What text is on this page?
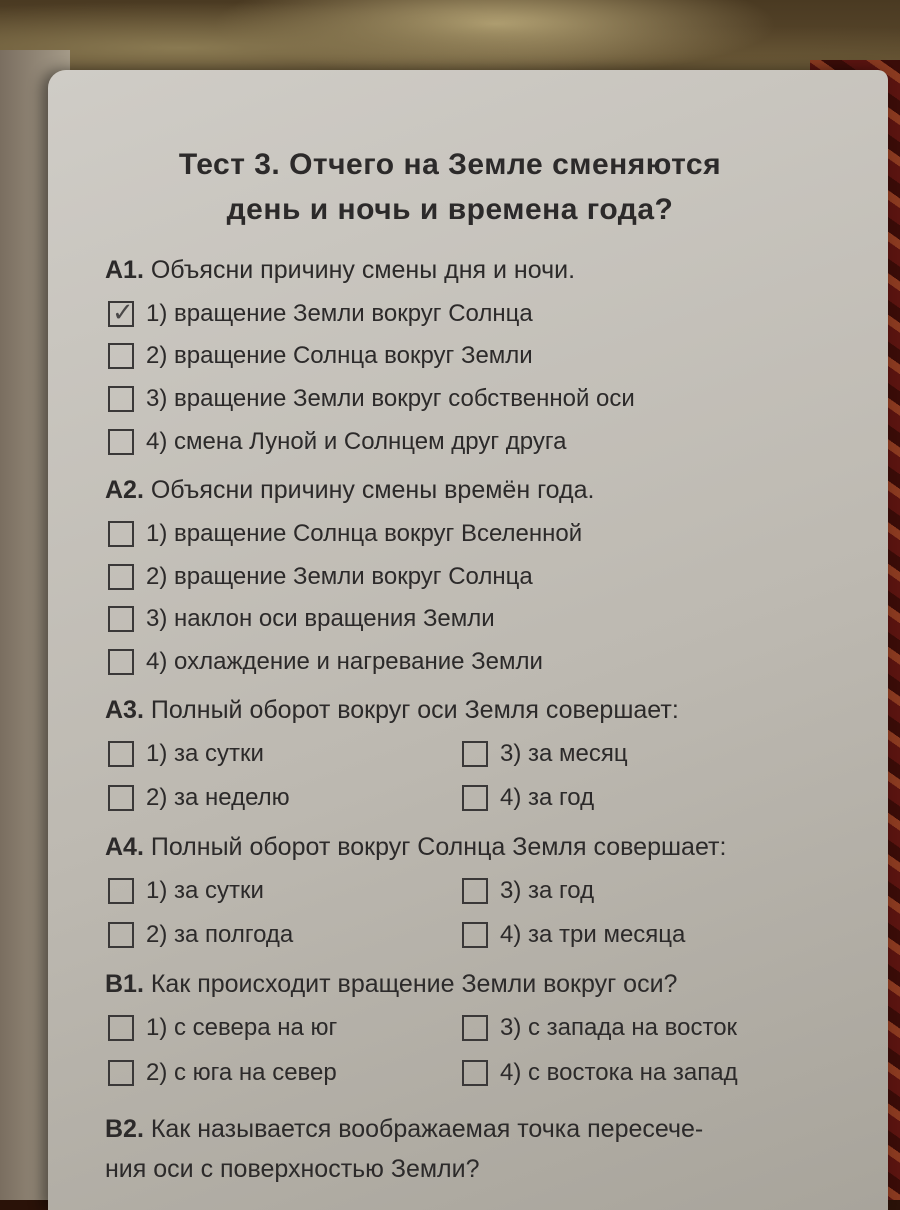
Тест 3. Отчего на Земле сменяются
день и ночь и времена года?
А1. Объясни причину смены дня и ночи.
✓ 1) вращение Земли вокруг Солнца
2) вращение Солнца вокруг Земли
3) вращение Земли вокруг собственной оси
4) смена Луной и Солнцем друг друга
А2. Объясни причину смены времён года.
1) вращение Солнца вокруг Вселенной
2) вращение Земли вокруг Солнца
3) наклон оси вращения Земли
4) охлаждение и нагревание Земли
А3. Полный оборот вокруг оси Земля совершает:
1) за сутки
2) за неделю
3) за месяц
4) за год
А4. Полный оборот вокруг Солнца Земля совершает:
1) за сутки
2) за полгода
3) за год
4) за три месяца
В1. Как происходит вращение Земли вокруг оси?
1) с севера на юг
2) с юга на север
3) с запада на восток
4) с востока на запад
В2. Как называется воображаемая точка пересече-
ния оси с поверхностью Земли?
